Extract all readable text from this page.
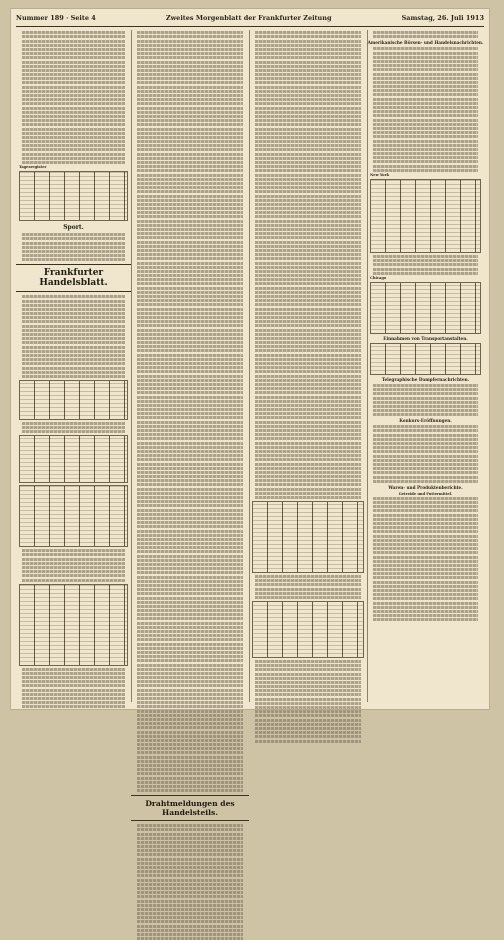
Nummer 189 · Seite 4	Zweites Morgenblatt der Frankfurter Zeitung	Samstag, 26. Juli 1913
Tagesregister
Sport.
Frankfurter Handelsblatt.
Drahtmeldungen des Handelsteils.
Amerikanische Börsen- und Handelsnachrichten.
New York
Chicago
Einnahmen von Transportanstalten.
Telegraphische Dampfernachrichten.
Konkurs-Eröffnungen.
Waren- und Produktenberichte.
Getreide und Futtermittel.
